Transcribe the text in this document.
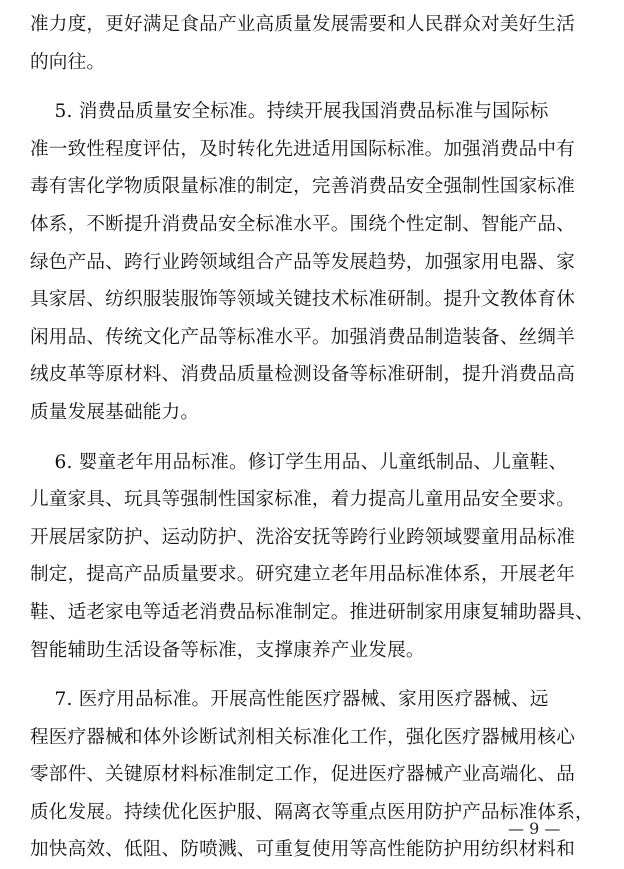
准力度，更好满足食品产业高质量发展需要和人民群众对美好生活
的向往。
5. 消费品质量安全标准。持续开展我国消费品标准与国际标
准一致性程度评估，及时转化先进适用国际标准。加强消费品中有
毒有害化学物质限量标准的制定，完善消费品安全强制性国家标准
体系，不断提升消费品安全标准水平。围绕个性定制、智能产品、
绿色产品、跨行业跨领域组合产品等发展趋势，加强家用电器、家
具家居、纺织服装服饰等领域关键技术标准研制。提升文教体育休
闲用品、传统文化产品等标准水平。加强消费品制造装备、丝绸羊
绒皮革等原材料、消费品质量检测设备等标准研制，提升消费品高
质量发展基础能力。
6. 婴童老年用品标准。修订学生用品、儿童纸制品、儿童鞋、
儿童家具、玩具等强制性国家标准，着力提高儿童用品安全要求。
开展居家防护、运动防护、洗浴安抚等跨行业跨领域婴童用品标准
制定，提高产品质量要求。研究建立老年用品标准体系，开展老年
鞋、适老家电等适老消费品标准制定。推进研制家用康复辅助器具、
智能辅助生活设备等标准，支撑康养产业发展。
7. 医疗用品标准。开展高性能医疗器械、家用医疗器械、远
程医疗器械和体外诊断试剂相关标准化工作，强化医疗器械用核心
零部件、关键原材料标准制定工作，促进医疗器械产业高端化、品
质化发展。持续优化医护服、隔离衣等重点医用防护产品标准体系，
加快高效、低阻、防喷溅、可重复使用等高性能防护用纺织材料和
— 9 —
